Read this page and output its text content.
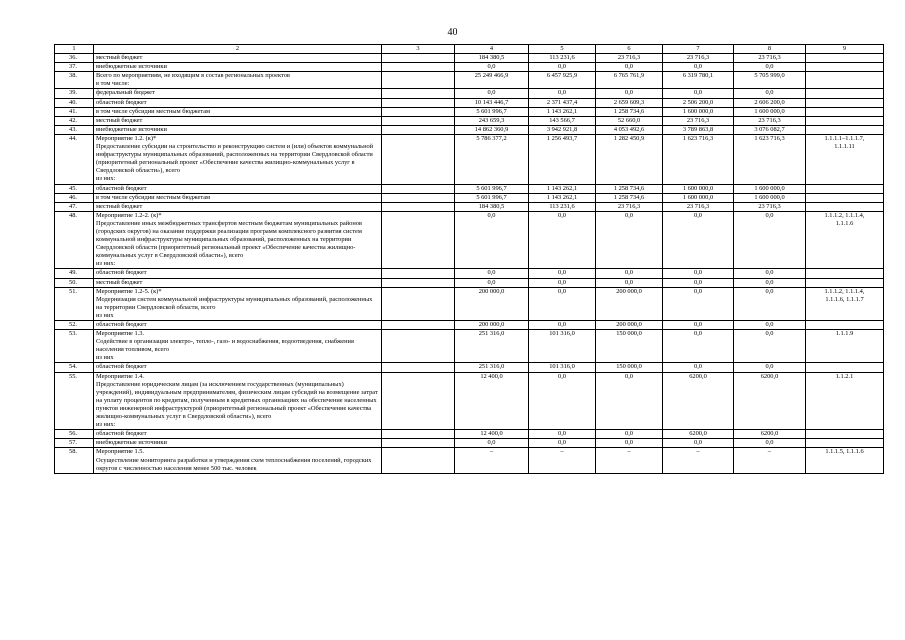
40
1	2	3	4	5	6	7	8	9
36.	местный бюджет		184 380,5	113 231,6	23 716,3	23 716,3	23 716,3	
37.	внебюджетные источники		0,0	0,0	0,0	0,0	0,0	
38.	Всего по мероприятиям, не входящим в состав региональных проектов
в том числе:		25 249 466,9	6 457 925,9	6 765 761,9	6 319 780,1	5 705 999,0	
39.	федеральный бюджет		0,0	0,0	0,0	0,0	0,0	
40.	областной бюджет		10 143 446,7	2 371 437,4	2 659 609,3	2 506 200,0	2 606 200,0	
41.	в том числе субсидии местным бюджетам		5 601 996,7	1 143 262,1	1 258 734,6	1 600 000,0	1 600 000,0	
42.	местный бюджет		243 659,3	143 566,7	52 660,0	23 716,3	23 716,3	
43.	внебюджетные источники		14 862 360,9	3 942 921,8	4 053 492,6	3 789 863,8	3 076 082,7	
44.	Мероприятие 1.2. (к)*
Предоставление субсидии на строительство и реконструкцию систем и (или) объектов коммунальной инфраструктуры муниципальных образований, расположенных на территории Свердловской области (приоритетный региональный проект «Обеспечение качества жилищно-коммунальных услуг в Свердловской области»), всего
из них:		5 786 377,2	1 256 493,7	1 282 450,9	1 623 716,3	1 623 716,3	1.1.1.1–1.1.1.7,
1.1.1.11
45.	областной бюджет		5 601 996,7	1 143 262,1	1 258 734,6	1 600 000,0	1 600 000,0	
46.	в том числе субсидии местным бюджетам		5 601 996,7	1 143 262,1	1 258 734,6	1 600 000,0	1 600 000,0	
47.	местный бюджет		184 380,5	113 231,6	23 716,3	23 716,3	23 716,3	
48.	Мероприятие 1.2-2. (к)*
Предоставление иных межбюджетных трансфертов местным бюджетам муниципальных районов (городских округов) на оказание поддержки реализации программ комплексного развития систем коммунальной инфраструктуры муниципальных образований, расположенных на территории Свердловской области (приоритетный региональный проект «Обеспечение качества жилищно-коммунальных услуг в Свердловской области»), всего
из них:		0,0	0,0	0,0	0,0	0,0	1.1.1.2, 1.1.1.4,
1.1.1.6
49.	областной бюджет		0,0	0,0	0,0	0,0	0,0	
50.	местный бюджет		0,0	0,0	0,0	0,0	0,0	
51.	Мероприятие 1.2-5. (к)*
Модернизация систем коммунальной инфраструктуры муниципальных образований, расположенных на территории Свердловской области, всего
из них		200 000,0	0,0	200 000,0	0,0	0,0	1.1.1.2, 1.1.1.4,
1.1.1.6, 1.1.1.7
52.	областной бюджет		200 000,0	0,0	200 000,0	0,0	0,0	
53.	Мероприятие 1.3.
Содействие в организации электро-, тепло-, газо- и водоснабжения, водоотведения, снабжения населения топливом, всего
из них		251 316,0	101 316,0	150 000,0	0,0	0,0	1.1.1.9
54.	областной бюджет		251 316,0	101 316,0	150 000,0	0,0	0,0	
55.	Мероприятие 1.4.
Предоставление юридическим лицам (за исключением государственных (муниципальных) учреждений), индивидуальным предпринимателям, физическим лицам субсидий на возмещение затрат на уплату процентов по кредитам, полученным в кредитных организациях на обеспечение населенных пунктов инженерной инфраструктурой (приоритетный региональный проект «Обеспечение качества жилищно-коммунальных услуг в Свердловской области»), всего
из них:		12 400,0	0,0	0,0	6200,0	6200,0	1.1.2.1
56.	областной бюджет		12 400,0	0,0	0,0	6200,0	6200,0	
57.	внебюджетные источники		0,0	0,0	0,0	0,0	0,0	
58.	Мероприятие 1.5.
Осуществление мониторинга разработки и утверждения схем теплоснабжения поселений, городских округов с численностью населения менее 500 тыс. человек		–	–	–	–	–	1.1.1.5, 1.1.1.6
